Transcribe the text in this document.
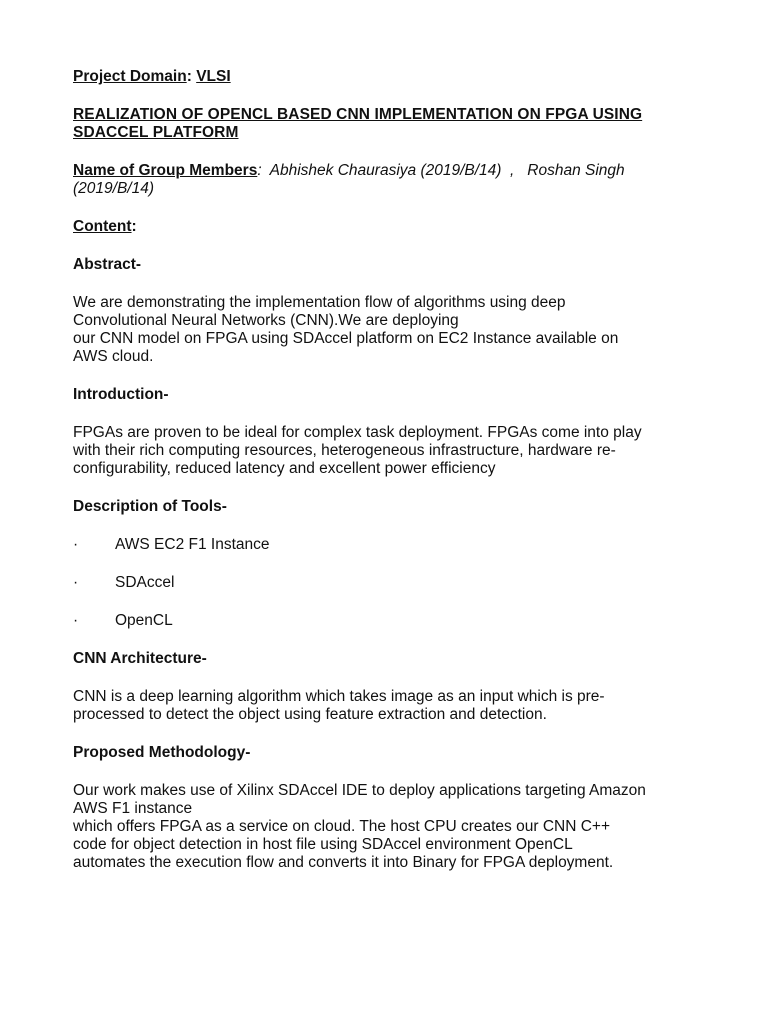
Project Domain: VLSI

REALIZATION OF OPENCL BASED CNN IMPLEMENTATION ON FPGA USING SDACCEL PLATFORM

Name of Group Members:  Abhishek Chaurasiya (2019/B/14)  ,   Roshan Singh (2019/B/14)

Content:

Abstract-

We are demonstrating the implementation flow of algorithms using deep
Convolutional Neural Networks (CNN).We are deploying
our CNN model on FPGA using SDAccel platform on EC2 Instance available on
AWS cloud.

Introduction-

FPGAs are proven to be ideal for complex task deployment. FPGAs come into play
with their rich computing resources, heterogeneous infrastructure, hardware re-
configurability, reduced latency and excellent power efficiency

Description of Tools-

·	AWS EC2 F1 Instance
·	SDAccel
·	OpenCL

CNN Architecture-

CNN is a deep learning algorithm which takes image as an input which is pre-
processed to detect the object using feature extraction and detection.

Proposed Methodology-

Our work makes use of Xilinx SDAccel IDE to deploy applications targeting Amazon
AWS F1 instance
which offers FPGA as a service on cloud. The host CPU creates our CNN C++
code for object detection in host file using SDAccel environment OpenCL
automates the execution flow and converts it into Binary for FPGA deployment.
